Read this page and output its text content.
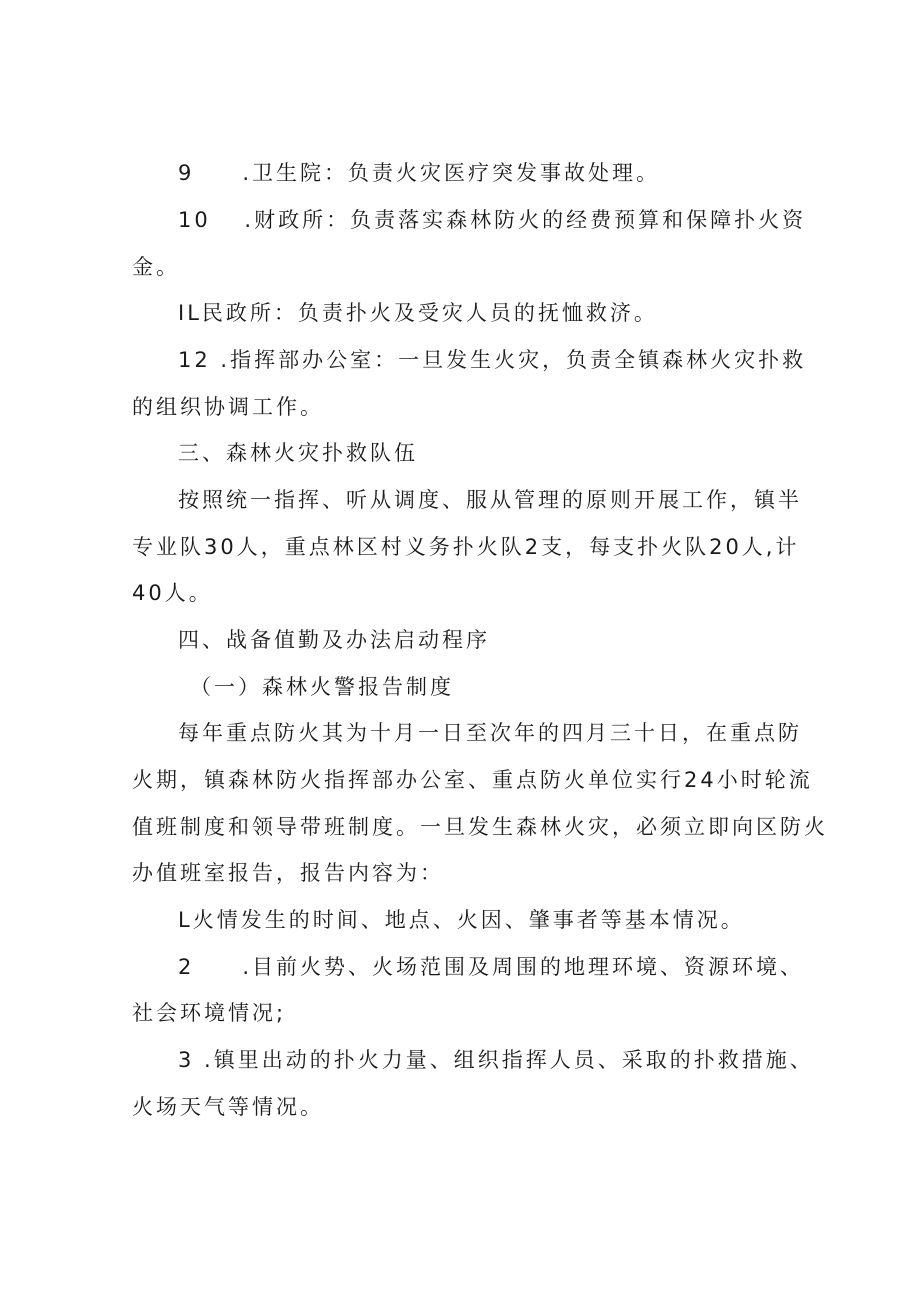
9　　.卫生院：负责火灾医疗突发事故处理。
10　 .财政所：负责落实森林防火的经费预算和保障扑火资
金。
IL民政所：负责扑火及受灾人员的抚恤救济。
12 .指挥部办公室：一旦发生火灾，负责全镇森林火灾扑救
的组织协调工作。
三、森林火灾扑救队伍
按照统一指挥、听从调度、服从管理的原则开展工作，镇半
专业队30人，重点林区村义务扑火队2支，每支扑火队20人,计
40人。
四、战备值勤及办法启动程序
（一）森林火警报告制度
每年重点防火其为十月一日至次年的四月三十日，在重点防
火期，镇森林防火指挥部办公室、重点防火单位实行24小时轮流
值班制度和领导带班制度。一旦发生森林火灾，必须立即向区防火
办值班室报告，报告内容为：
L火情发生的时间、地点、火因、肇事者等基本情况。
2　　.目前火势、火场范围及周围的地理环境、资源环境、
社会环境情况;
3 .镇里出动的扑火力量、组织指挥人员、采取的扑救措施、
火场天气等情况。
